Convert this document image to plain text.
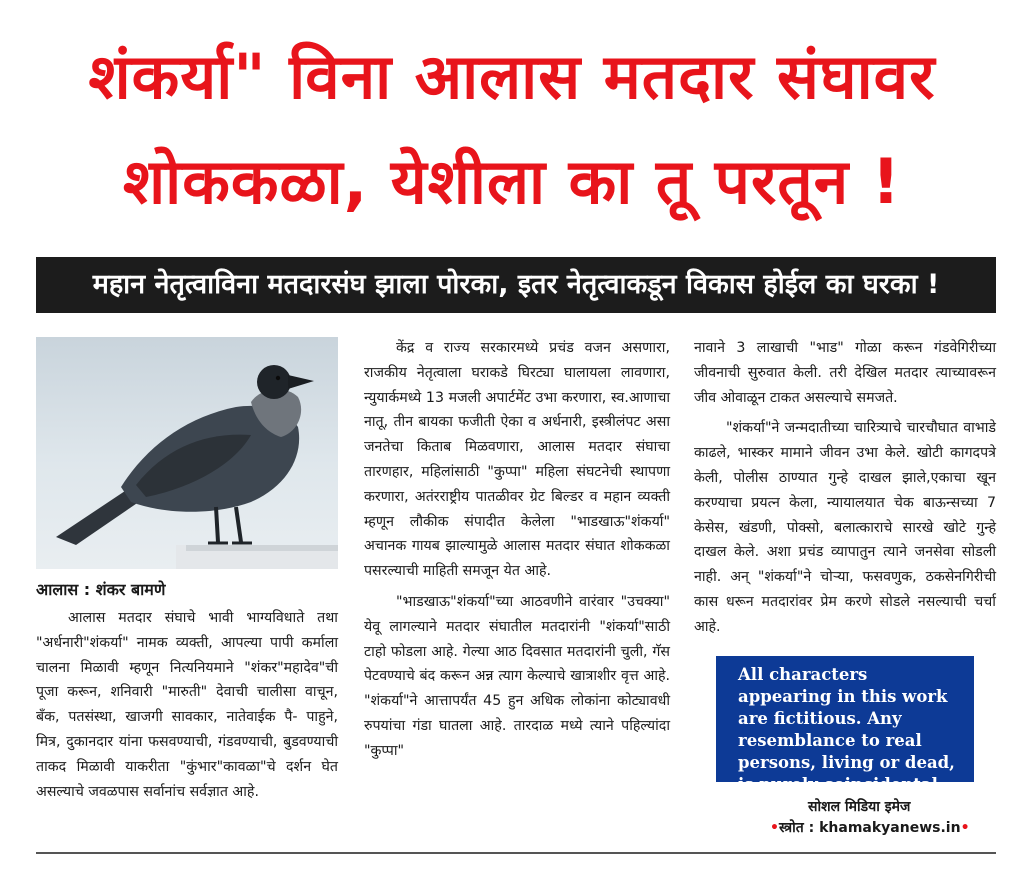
शंकर्या" विना आलास मतदार संघावर
शोककळा, येशीला का तू परतून !
महान नेतृत्वाविना मतदारसंघ झाला पोरका, इतर नेतृत्वाकडून विकास होईल का घरका !
आलास : शंकर बामणे

आलास मतदार संघाचे भावी भाग्यविधाते तथा "अर्धनारी"शंकर्या" नामक व्यक्ती, आपल्या पापी कर्माला चालना मिळावी म्हणून नित्यनियमाने "शंकर"महादेव"ची पूजा करून, शनिवारी "मारुती" देवाची चालीसा वाचून, बँक, पतसंस्था, खाजगी सावकार, नातेवाईक पै- पाहुने, मित्र, दुकानदार यांना फसवण्याची, गंडवण्याची, बुडवण्याची ताकद मिळावी याकरीता "कुंभार"कावळा"चे दर्शन घेत असल्याचे जवळपास सर्वानांच सर्वज्ञात आहे.

केंद्र व राज्य सरकारमध्ये प्रचंड वजन असणारा, राजकीय नेतृत्वाला घराकडे घिरट्या घालायला लावणारा, न्युयार्कमध्ये 13 मजली अपार्टमेंट उभा करणारा, स्व.आणाचा नातू, तीन बायका फजीती ऐका व अर्धनारी, इस्त्रीलंपट असा जनतेचा किताब मिळवणारा, आलास मतदार संघाचा तारणहार, महिलांसाठी "कुप्पा" महिला संघटनेची स्थापणा करणारा, अतंरराष्ट्रीय पातळीवर ग्रेट बिल्डर व महान व्यक्ती म्हणून लौकीक संपादीत केलेला "भाडखाऊ"शंकर्या" अचानक गायब झाल्यामुळे आलास मतदार संघात शोककळा पसरल्याची माहिती समजून येत आहे.

"भाडखाऊ"शंकर्या"च्या आठवणीने वारंवार "उचक्या" येवू लागल्याने मतदार संघातील मतदारांनी "शंकर्या"साठी टाहो फोडला आहे. गेल्या आठ दिवसात मतदारांनी चुली, गॅस पेटवण्याचे बंद करून अन्न त्याग केल्याचे खात्राशीर वृत्त आहे. "शंकर्या"ने आत्तापर्यंत 45 हुन अधिक लोकांना कोट्यावधी रुपयांचा गंडा घातला आहे. तारदाळ मध्ये त्याने पहिल्यांदा "कुप्पा"

नावाने 3 लाखाची "भाड" गोळा करून गंडवेगिरीच्या जीवनाची सुरुवात केली. तरी देखिल मतदार त्याच्यावरून जीव ओवाळून टाकत असल्याचे समजते.

"शंकर्या"ने जन्मदातीच्या चारित्र्याचे चारचौघात वाभाडे काढले, भास्कर मामाने जीवन उभा केले. खोटी कागदपत्रे केली, पोलीस ठाण्यात गुन्हे दाखल झाले,एकाचा खून करण्याचा प्रयत्न केला, न्यायालयात चेक बाऊन्सच्या 7 केसेस, खंडणी, पोक्सो, बलात्काराचे सारखे खोटे गुन्हे दाखल केले. अशा प्रचंड व्यापातुन त्याने जनसेवा सोडली नाही. अन् "शंकर्या"ने चोऱ्या, फसवणुक, ठकसेनगिरीची कास धरून मतदारांवर प्रेम करणे सोडले नसल्याची चर्चा आहे.

All characters appearing in this work are fictitious. Any resemblance to real persons, living or dead, is purely coincidental.
सोशल मिडिया इमेज
•स्त्रोत : khamakyanews.in•
